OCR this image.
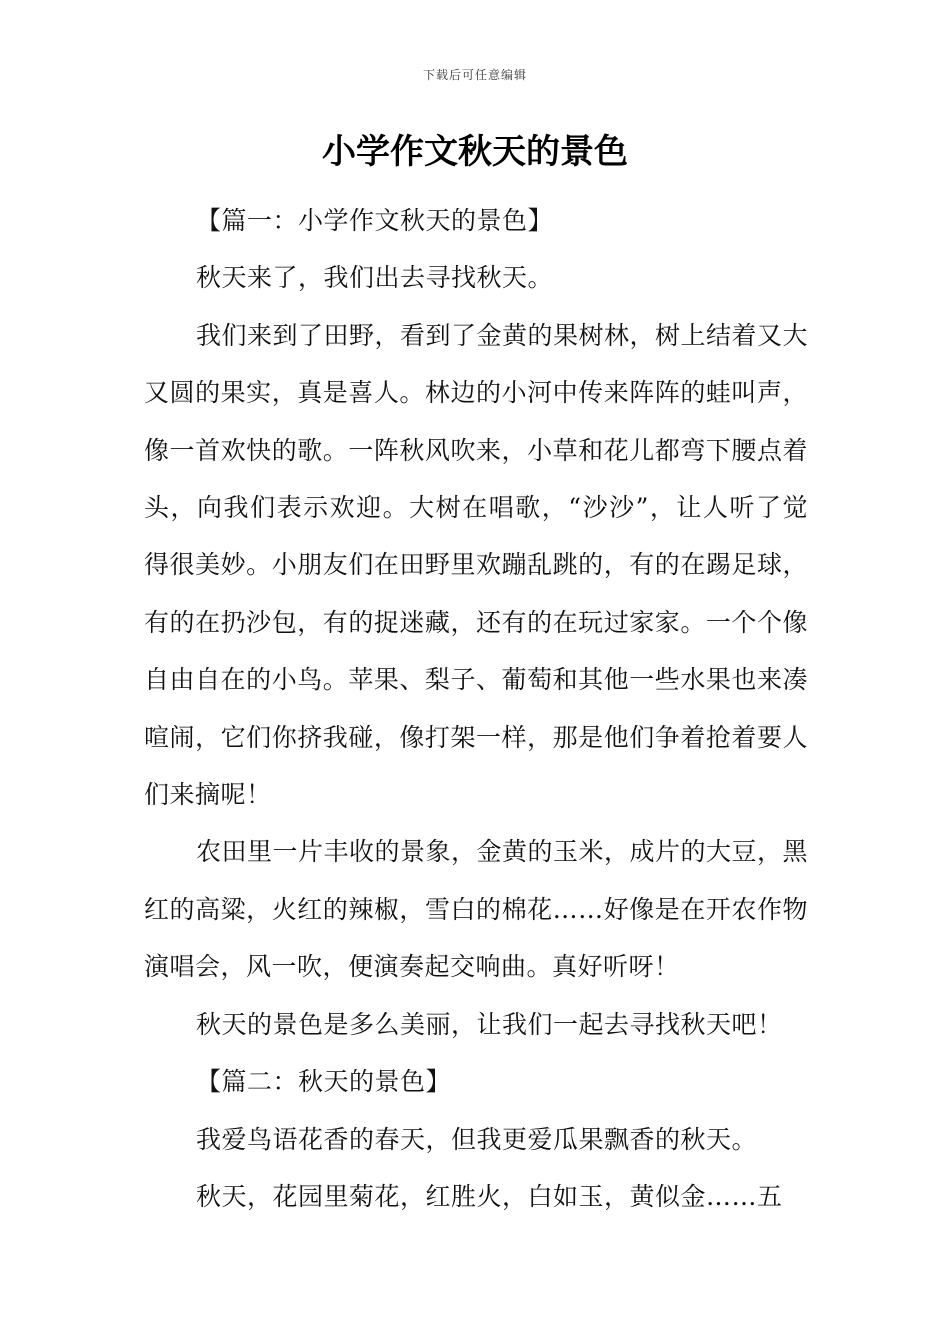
下载后可任意编辑
小学作文秋天的景色

【篇一：小学作文秋天的景色】

秋天来了，我们出去寻找秋天。

我们来到了田野，看到了金黄的果树林，树上结着又大又圆的果实，真是喜人。林边的小河中传来阵阵的蛙叫声，像一首欢快的歌。一阵秋风吹来，小草和花儿都弯下腰点着头，向我们表示欢迎。大树在唱歌，“沙沙”，让人听了觉得很美妙。小朋友们在田野里欢蹦乱跳的，有的在踢足球，有的在扔沙包，有的捉迷藏，还有的在玩过家家。一个个像自由自在的小鸟。苹果、梨子、葡萄和其他一些水果也来凑喧闹，它们你挤我碰，像打架一样，那是他们争着抢着要人们来摘呢！

农田里一片丰收的景象，金黄的玉米，成片的大豆，黑红的高粱，火红的辣椒，雪白的棉花……好像是在开农作物演唱会，风一吹，便演奏起交响曲。真好听呀！

秋天的景色是多么美丽，让我们一起去寻找秋天吧！

【篇二：秋天的景色】

我爱鸟语花香的春天，但我更爱瓜果飘香的秋天。

秋天，花园里菊花，红胜火，白如玉，黄似金……五
